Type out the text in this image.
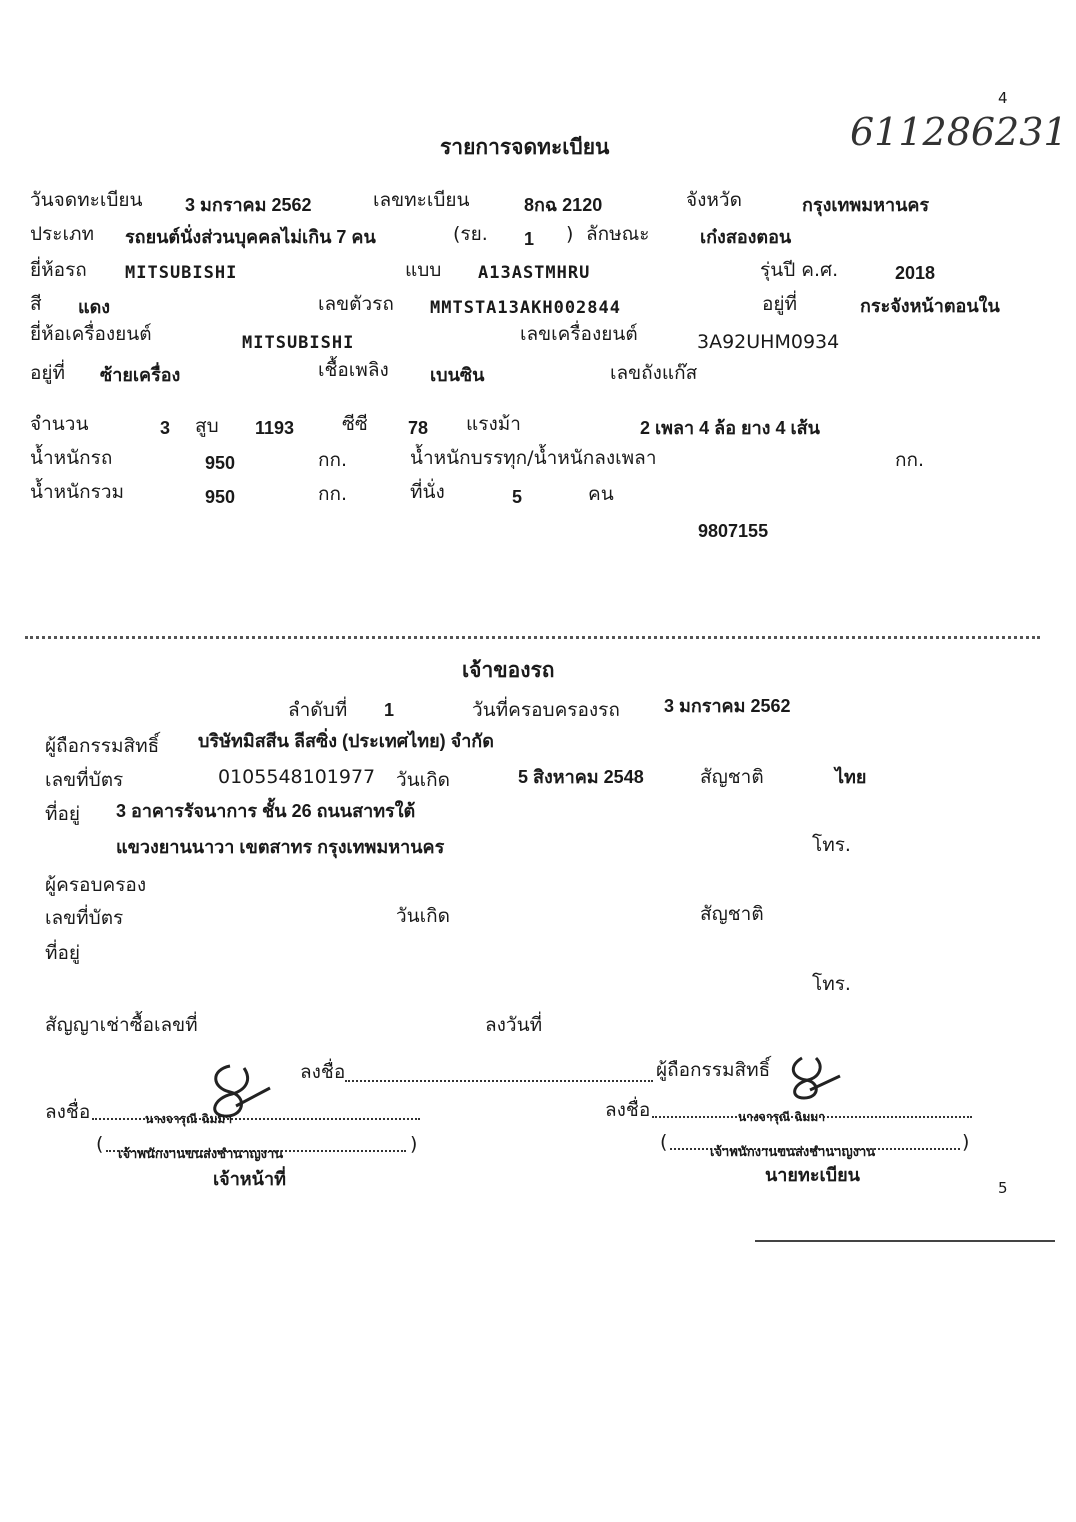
4
611286231
รายการจดทะเบียน
วันจดทะเบียน 3 มกราคม 2562	เลขทะเบียน	8กฉ 2120	จังหวัด	กรุงเทพมหานคร
ประเภท รถยนต์นั่งส่วนบุคคลไม่เกิน 7 คน	(รย. 1 ) ลักษณะ	เก๋งสองตอน
ยี่ห้อรถ MITSUBISHI	แบบ A13ASTMHRU	รุ่นปี ค.ศ.	2018
สี แดง	เลขตัวรถ MMTSTA13AKH002844	อยู่ที่	กระจังหน้าตอนใน
ยี่ห้อเครื่องยนต์	MITSUBISHI	เลขเครื่องยนต์	3A92UHM0934
อยู่ที่ ซ้ายเครื่อง	เชื้อเพลิง เบนซิน	เลขถังแก๊ส
จำนวน	3 สูบ 1193	ซีซี 78 แรงม้า	2 เพลา 4 ล้อ ยาง 4 เส้น
น้ำหนักรถ	950	กก.	น้ำหนักบรรทุก/น้ำหนักลงเพลา	กก.
น้ำหนักรวม	950	กก.	ที่นั่ง	5	คน
9807155
เจ้าของรถ
ลำดับที่ 1	วันที่ครอบครองรถ 3 มกราคม 2562
ผู้ถือกรรมสิทธิ์ บริษัทมิสสีน ลีสซิ่ง (ประเทศไทย) จำกัด
เลขที่บัตร	0105548101977 วันเกิด	5 สิงหาคม 2548	สัญชาติ	ไทย
ที่อยู่ 3 อาคารรัจนาการ ชั้น 26 ถนนสาทรใต้
แขวงยานนาวา เขตสาทร กรุงเทพมหานคร	โทร.
ผู้ครอบครอง
เลขที่บัตร	วันเกิด	สัญชาติ
ที่อยู่
โทร.
สัญญาเช่าซื้อเลขที่	ลงวันที่
ลงชื่อ	ผู้ถือกรรมสิทธิ์
ลงชื่อ	นางจารุณี ฉิมมา
(	)
เจ้าพนักงานขนส่งชำนาญงาน
เจ้าหน้าที่
ลงชื่อ	นางจารุณี ฉิมมา
(	)
เจ้าพนักงานขนส่งชำนาญงาน
นายทะเบียน
5
